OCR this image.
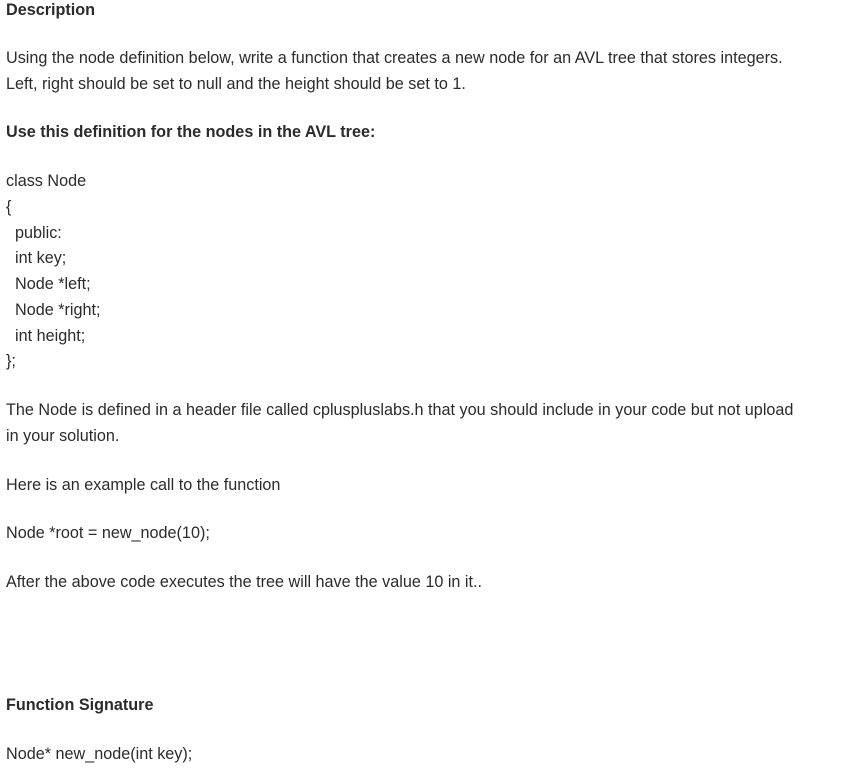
Description
Using the node definition below, write a function that creates a new node for an AVL tree that stores integers.
Left, right should be set to null and the height should be set to 1.
Use this definition for the nodes in the AVL tree:
class Node
{
public:
int key;
Node *left;
Node *right;
int height;
};
The Node is defined in a header file called cpluspluslabs.h that you should include in your code but not upload
in your solution.
Here is an example call to the function
Node *root = new_node(10);
After the above code executes the tree will have the value 10 in it..
Function Signature
Node* new_node(int key);
